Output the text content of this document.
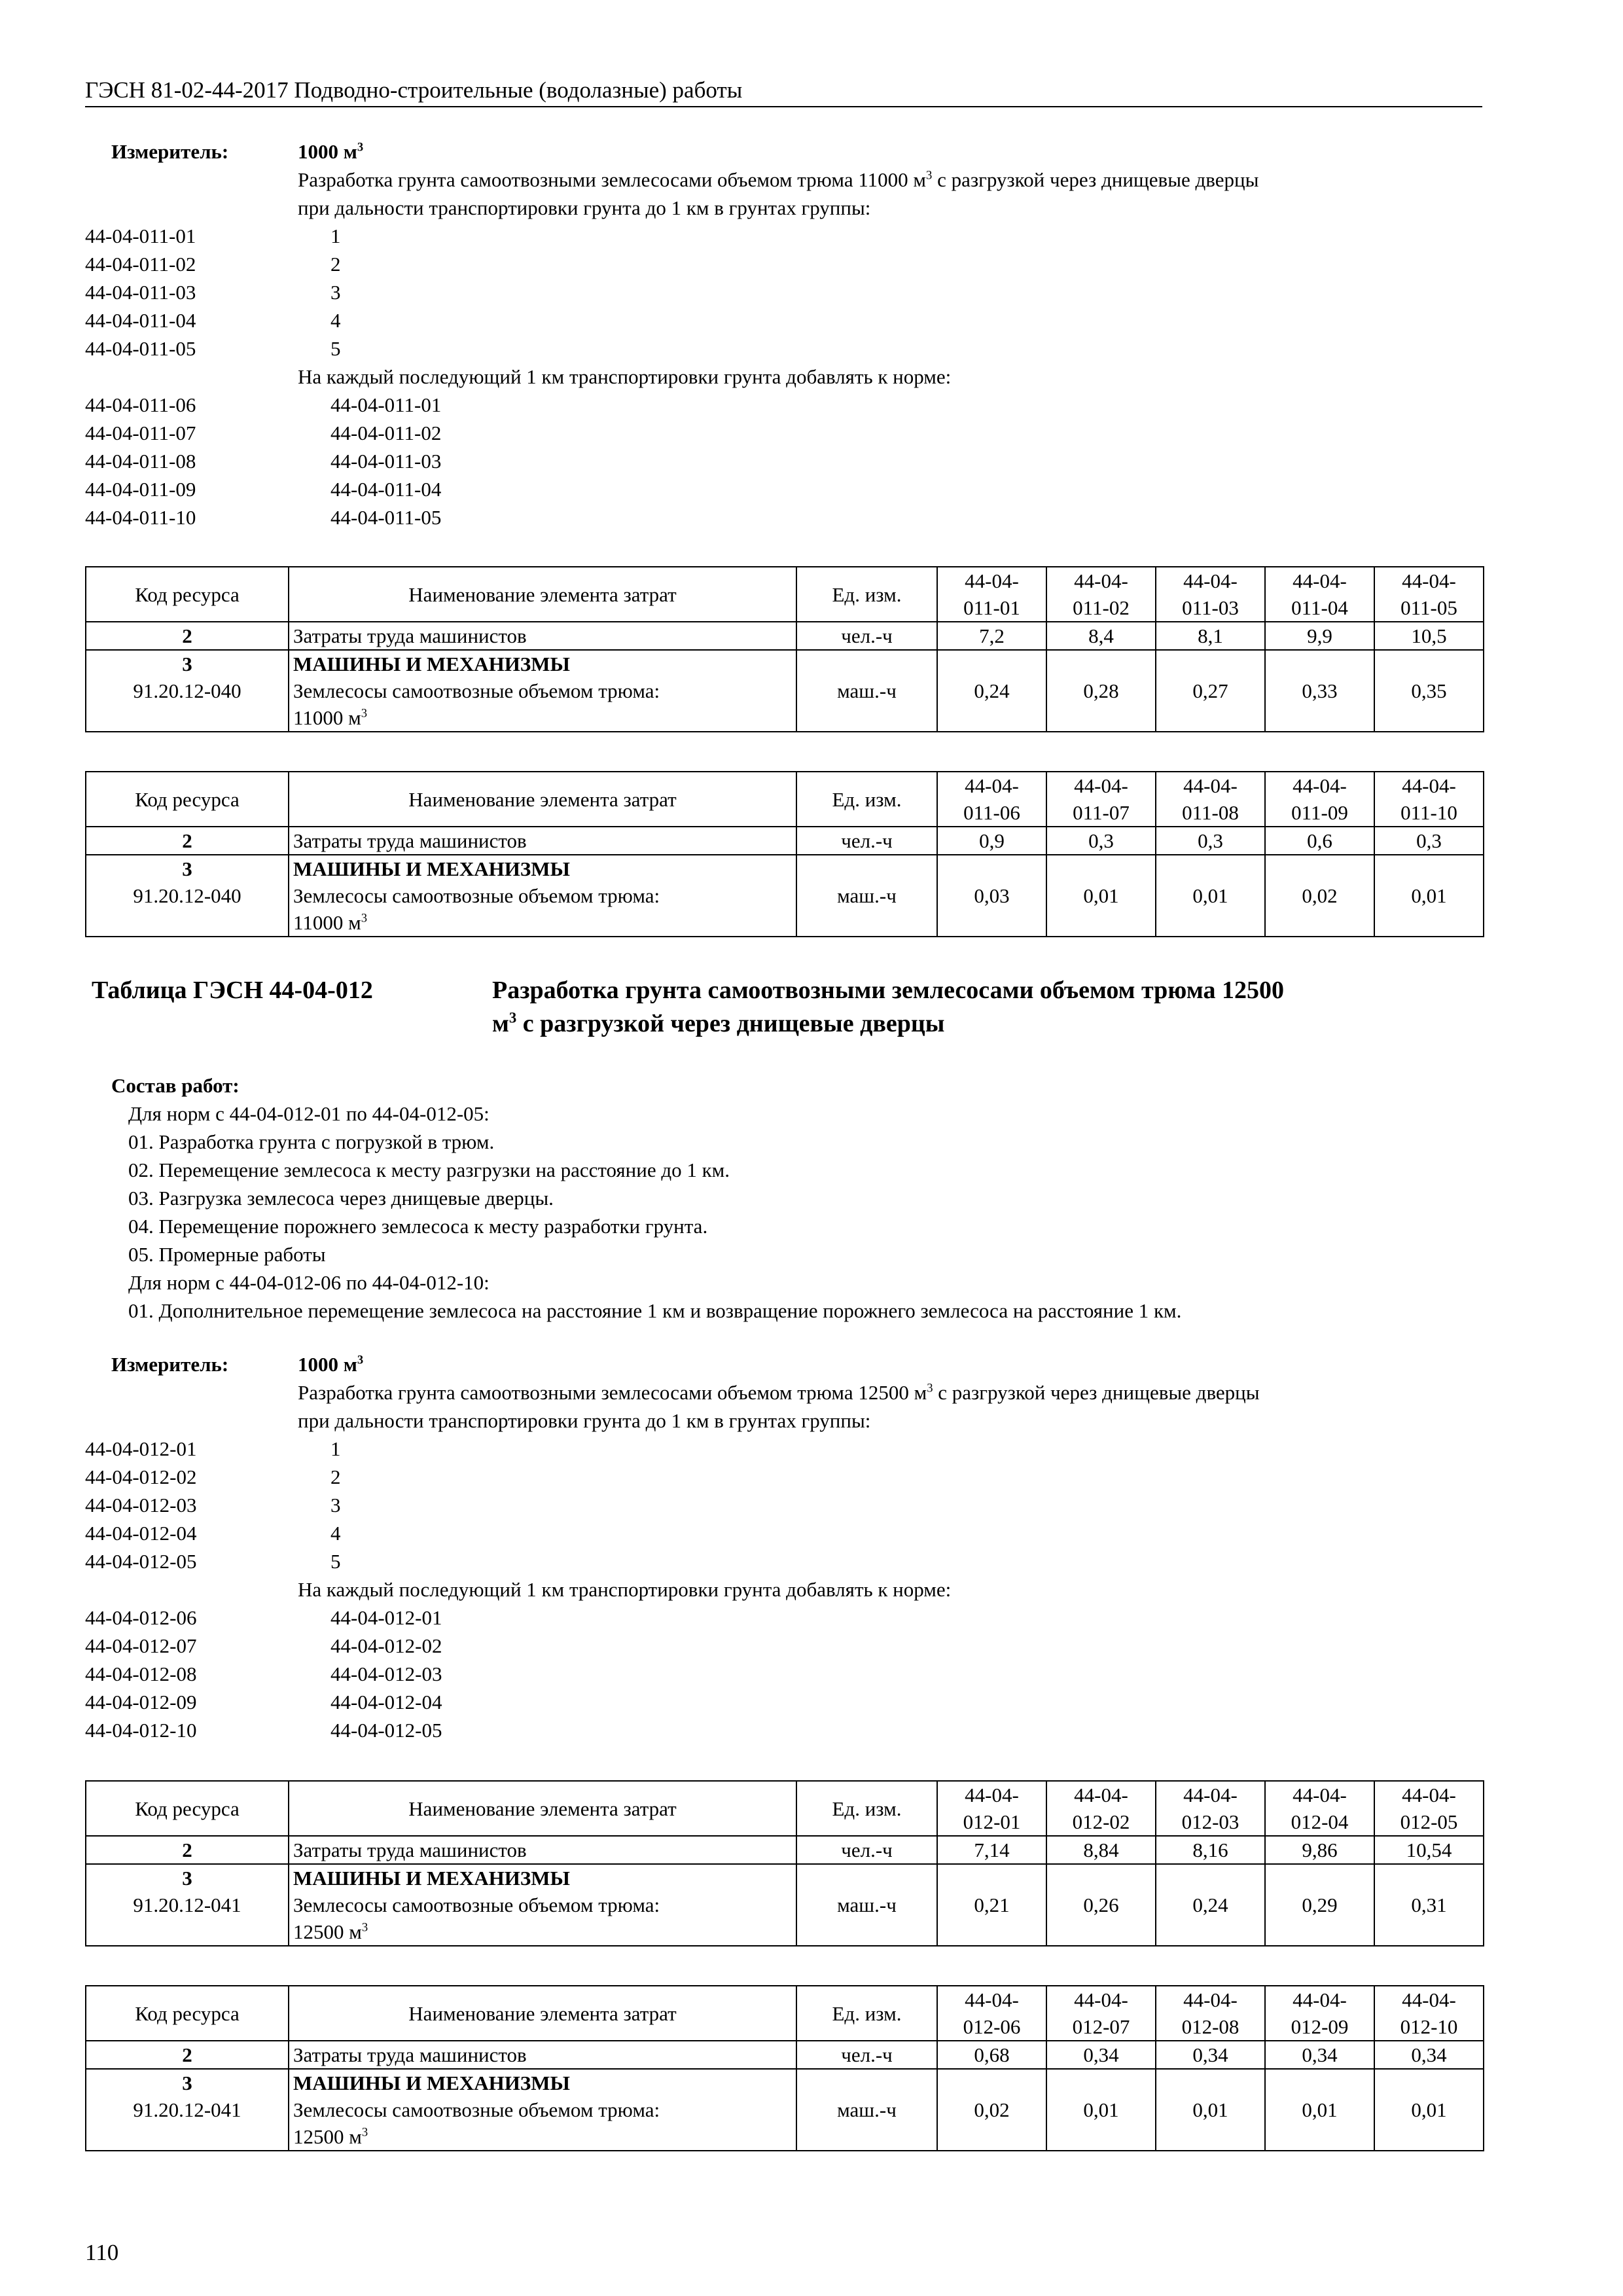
ГЭСН 81-02-44-2017 Подводно-строительные (водолазные) работы
Измеритель:	1000 $м^3$
Разработка грунта самоотвозными землесосами объемом трюма 11000 $м^3$ с разгрузкой через днищевые дверцы
при дальности транспортировки грунта до 1 км в грунтах группы:
44-04-011-01	1
44-04-011-02	2
44-04-011-03	3
44-04-011-04	4
44-04-011-05	5
На каждый последующий 1 км транспортировки грунта добавлять к норме:
44-04-011-06	44-04-011-01
44-04-011-07	44-04-011-02
44-04-011-08	44-04-011-03
44-04-011-09	44-04-011-04
44-04-011-10	44-04-011-05
Код ресурса	Наименование элемента затрат	Ед. изм.	44-04-
011-01	44-04-
011-02	44-04-
011-03	44-04-
011-04	44-04-
011-05
2	Затраты труда машинистов	чел.-ч	7,2	8,4	8,1	9,9	10,5
3
91.20.12-040	МАШИНЫ И МЕХАНИЗМЫ
Землесосы самоотвозные объемом трюма:
11000 $м^3$	маш.-ч	0,24	0,28	0,27	0,33	0,35
Код ресурса	Наименование элемента затрат	Ед. изм.	44-04-
011-06	44-04-
011-07	44-04-
011-08	44-04-
011-09	44-04-
011-10
2	Затраты труда машинистов	чел.-ч	0,9	0,3	0,3	0,6	0,3
3
91.20.12-040	МАШИНЫ И МЕХАНИЗМЫ
Землесосы самоотвозные объемом трюма:
11000 $м^3$	маш.-ч	0,03	0,01	0,01	0,02	0,01
Таблица ГЭСН 44-04-012	Разработка грунта самоотвозными землесосами объемом трюма 12500
$м^3$ с разгрузкой через днищевые дверцы
Состав работ:
Для норм с 44-04-012-01 по 44-04-012-05:
01. Разработка грунта с погрузкой в трюм.
02. Перемещение землесоса к месту разгрузки на расстояние до 1 км.
03. Разгрузка землесоса через днищевые дверцы.
04. Перемещение порожнего землесоса к месту разработки грунта.
05. Промерные работы
Для норм с 44-04-012-06 по 44-04-012-10:
01. Дополнительное перемещение землесоса на расстояние 1 км и возвращение порожнего землесоса на расстояние 1 км.
Измеритель:	1000 $м^3$
Разработка грунта самоотвозными землесосами объемом трюма 12500 $м^3$ с разгрузкой через днищевые дверцы
при дальности транспортировки грунта до 1 км в грунтах группы:
44-04-012-01	1
44-04-012-02	2
44-04-012-03	3
44-04-012-04	4
44-04-012-05	5
На каждый последующий 1 км транспортировки грунта добавлять к норме:
44-04-012-06	44-04-012-01
44-04-012-07	44-04-012-02
44-04-012-08	44-04-012-03
44-04-012-09	44-04-012-04
44-04-012-10	44-04-012-05
Код ресурса	Наименование элемента затрат	Ед. изм.	44-04-
012-01	44-04-
012-02	44-04-
012-03	44-04-
012-04	44-04-
012-05
2	Затраты труда машинистов	чел.-ч	7,14	8,84	8,16	9,86	10,54
3
91.20.12-041	МАШИНЫ И МЕХАНИЗМЫ
Землесосы самоотвозные объемом трюма:
12500 $м^3$	маш.-ч	0,21	0,26	0,24	0,29	0,31
Код ресурса	Наименование элемента затрат	Ед. изм.	44-04-
012-06	44-04-
012-07	44-04-
012-08	44-04-
012-09	44-04-
012-10
2	Затраты труда машинистов	чел.-ч	0,68	0,34	0,34	0,34	0,34
3
91.20.12-041	МАШИНЫ И МЕХАНИЗМЫ
Землесосы самоотвозные объемом трюма:
12500 $м^3$	маш.-ч	0,02	0,01	0,01	0,01	0,01
110
